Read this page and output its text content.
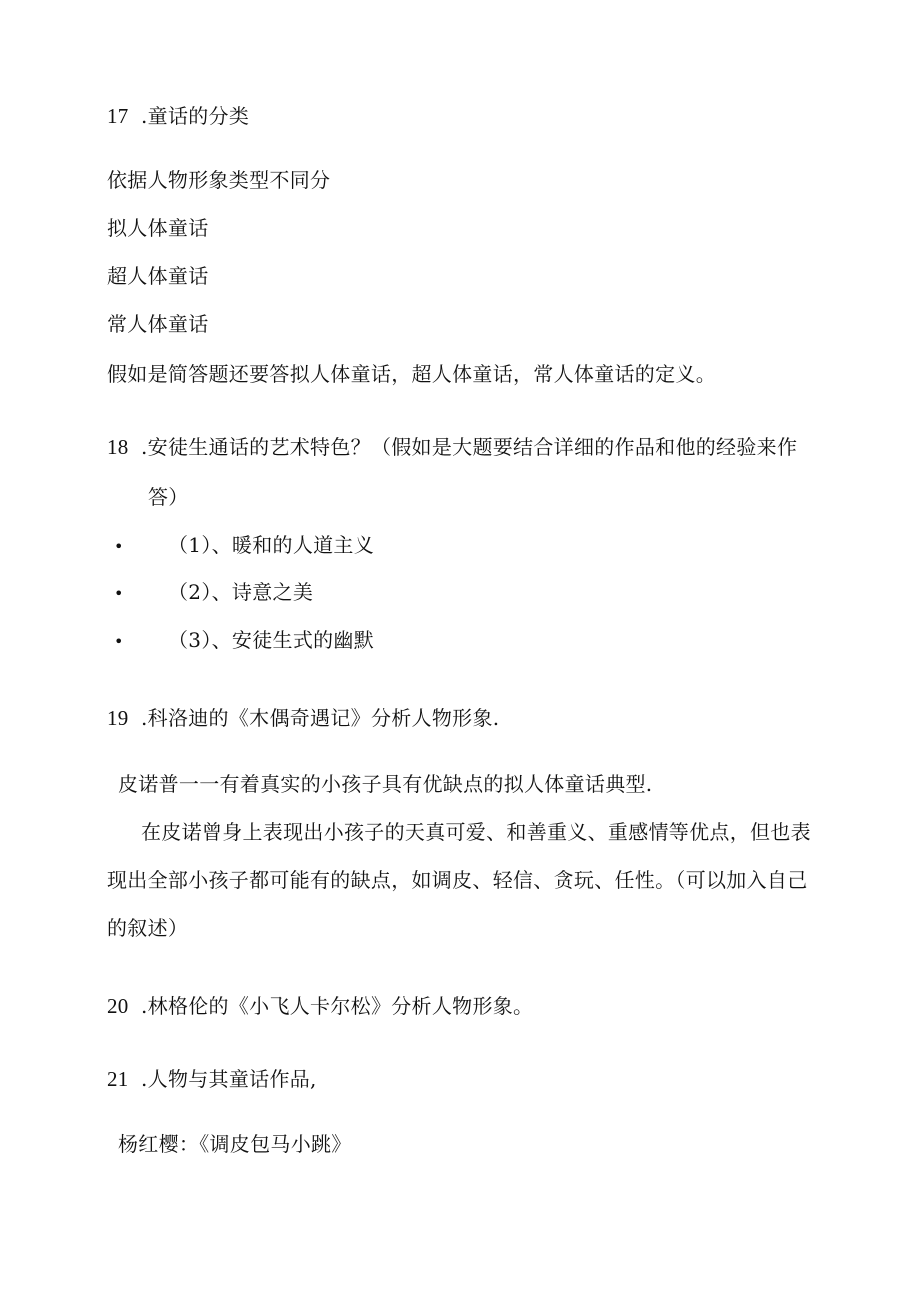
17 .童话的分类
依据人物形象类型不同分
拟人体童话
超人体童话
常人体童话
假如是简答题还要答拟人体童话，超人体童话，常人体童话的定义。
18 .安徒生通话的艺术特色？（假如是大题要结合详细的作品和他的经验来作
答）
• （1）、暖和的人道主义
• （2）、诗意之美
• （3）、安徒生式的幽默
19 .科洛迪的《木偶奇遇记》分析人物形象.
皮诺普一一有着真实的小孩子具有优缺点的拟人体童话典型.
在皮诺曾身上表现出小孩子的天真可爱、和善重义、重感情等优点，但也表
现出全部小孩子都可能有的缺点，如调皮、轻信、贪玩、任性。（可以加入自己
的叙述）
20 .林格伦的《小飞人卡尔松》分析人物形象。
21 .人物与其童话作品,
杨红樱：《调皮包马小跳》
